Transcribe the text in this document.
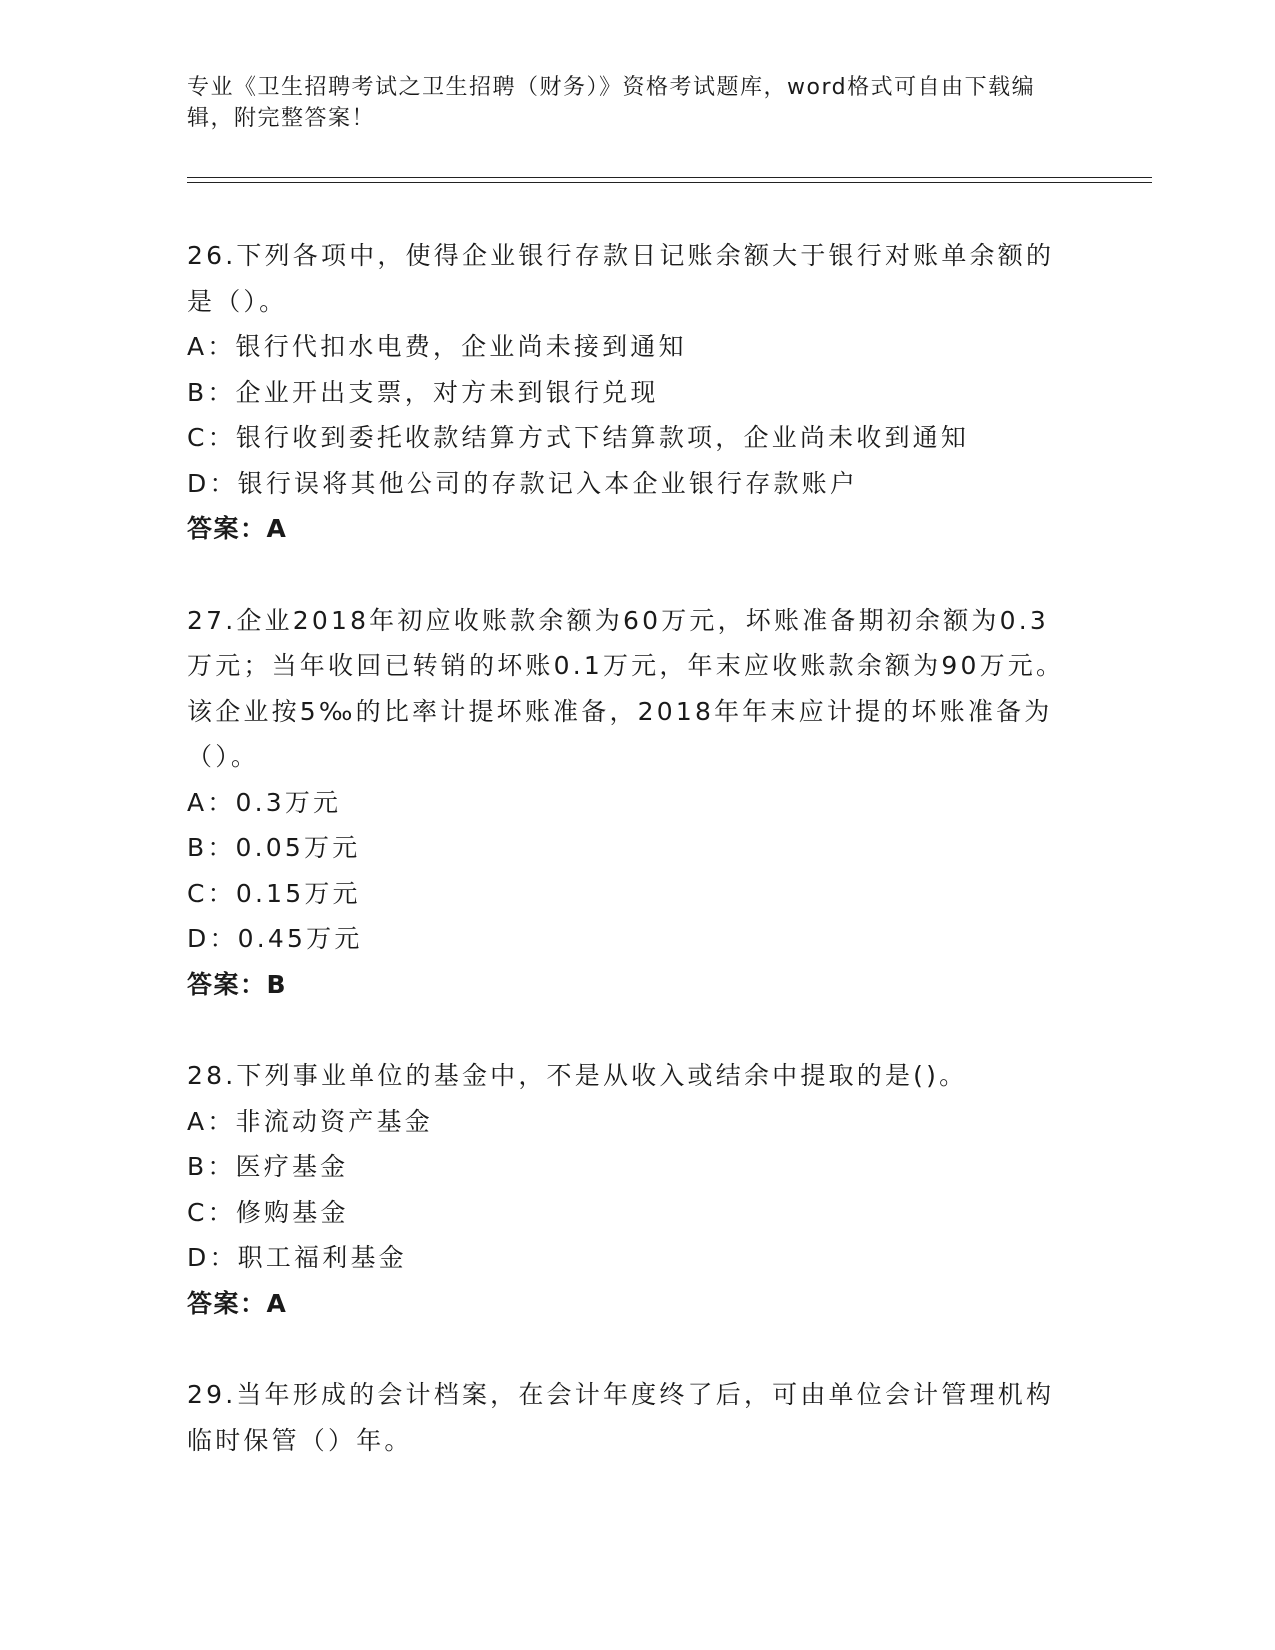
专业《卫生招聘考试之卫生招聘（财务）》资格考试题库，word格式可自由下载编辑，附完整答案！

26.下列各项中，使得企业银行存款日记账余额大于银行对账单余额的是（）。

A：银行代扣水电费，企业尚未接到通知

B：企业开出支票，对方未到银行兑现

C：银行收到委托收款结算方式下结算款项，企业尚未收到通知

D：银行误将其他公司的存款记入本企业银行存款账户

答案：A

27.企业2018年初应收账款余额为60万元，坏账准备期初余额为0.3万元；当年收回已转销的坏账0.1万元，年末应收账款余额为90万元。该企业按5‰的比率计提坏账准备，2018年年末应计提的坏账准备为（）。

A：0.3万元

B：0.05万元

C：0.15万元

D：0.45万元

答案：B

28.下列事业单位的基金中，不是从收入或结余中提取的是()。

A：非流动资产基金

B：医疗基金

C：修购基金

D：职工福利基金

答案：A

29.当年形成的会计档案，在会计年度终了后，可由单位会计管理机构临时保管（）年。
